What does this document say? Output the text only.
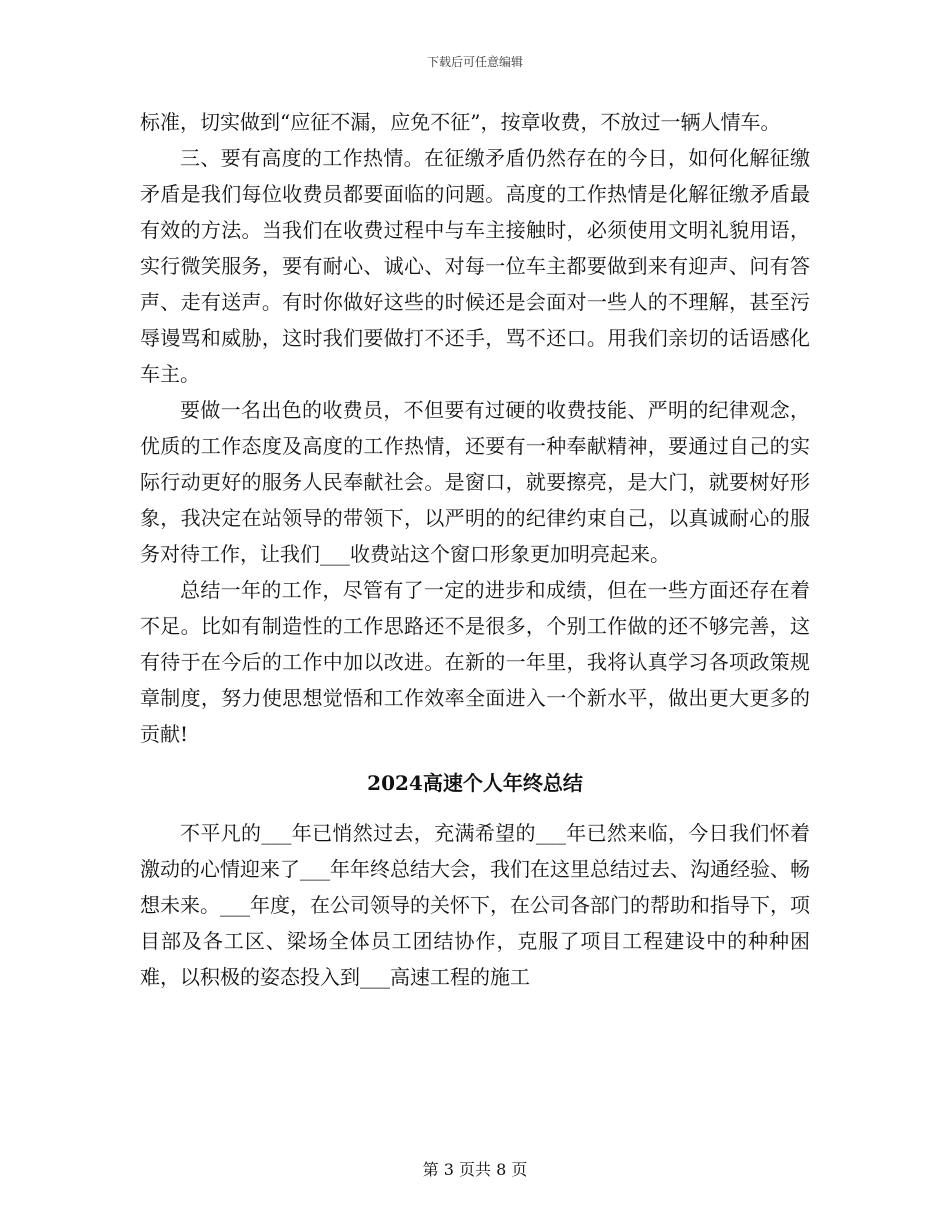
下载后可任意编辑

标准，切实做到“应征不漏，应免不征”，按章收费，不放过一辆人情车。

三、要有高度的工作热情。在征缴矛盾仍然存在的今日，如何化解征缴矛盾是我们每位收费员都要面临的问题。高度的工作热情是化解征缴矛盾最有效的方法。当我们在收费过程中与车主接触时，必须使用文明礼貌用语，实行微笑服务，要有耐心、诚心、对每一位车主都要做到来有迎声、问有答声、走有送声。有时你做好这些的时候还是会面对一些人的不理解，甚至污辱谩骂和威胁，这时我们要做打不还手，骂不还口。用我们亲切的话语感化车主。

要做一名出色的收费员，不但要有过硬的收费技能、严明的纪律观念，优质的工作态度及高度的工作热情，还要有一种奉献精神，要通过自己的实际行动更好的服务人民奉献社会。是窗口，就要擦亮，是大门，就要树好形象，我决定在站领导的带领下，以严明的的纪律约束自己，以真诚耐心的服务对待工作，让我们___收费站这个窗口形象更加明亮起来。

总结一年的工作，尽管有了一定的进步和成绩，但在一些方面还存在着不足。比如有制造性的工作思路还不是很多，个别工作做的还不够完善，这有待于在今后的工作中加以改进。在新的一年里，我将认真学习各项政策规章制度，努力使思想觉悟和工作效率全面进入一个新水平，做出更大更多的贡献!

2024高速个人年终总结

不平凡的___年已悄然过去，充满希望的___年已然来临，今日我们怀着激动的心情迎来了___年年终总结大会，我们在这里总结过去、沟通经验、畅想未来。___年度，在公司领导的关怀下，在公司各部门的帮助和指导下，项目部及各工区、梁场全体员工团结协作，克服了项目工程建设中的种种困难，以积极的姿态投入到___高速工程的施工

第 3 页共 8 页
